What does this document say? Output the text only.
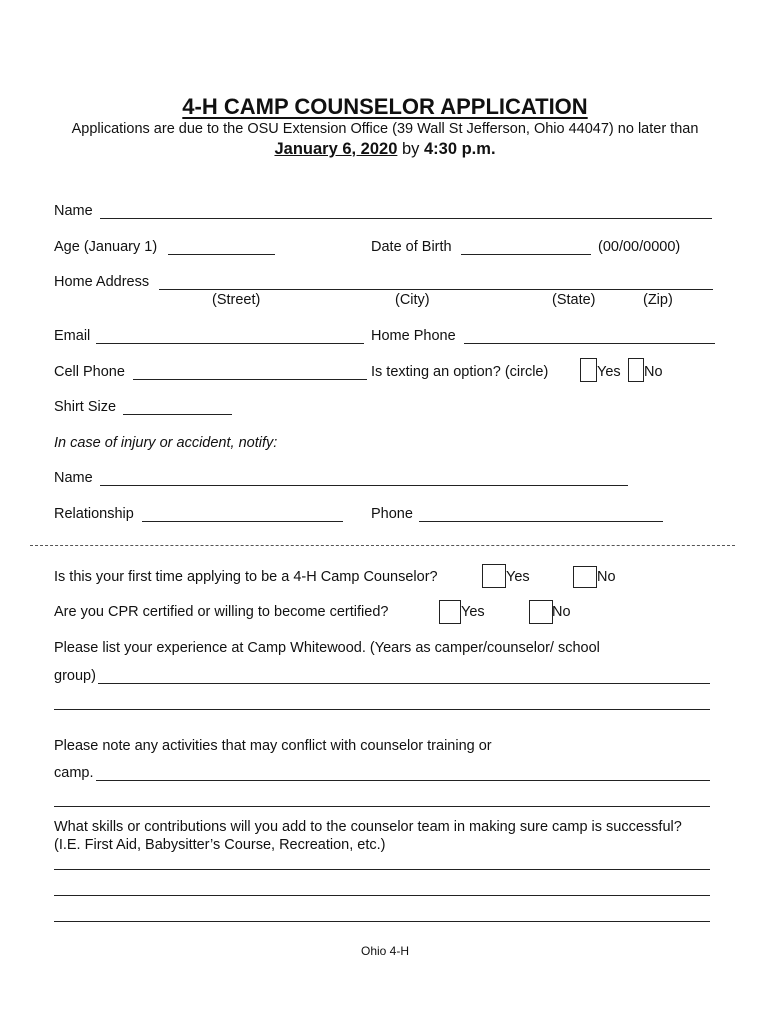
4-H CAMP COUNSELOR APPLICATION
Applications are due to the OSU Extension Office (39 Wall St Jefferson, Ohio 44047) no later than
January 6, 2020 by 4:30 p.m.
Name
Age (January 1)	Date of Birth	(00/00/0000)
Home Address
(Street)	(City)	(State)	(Zip)
Email	Home Phone
Cell Phone	Is texting an option? (circle)	Yes No
Shirt Size
In case of injury or accident, notify:
Name
Relationship	Phone
Is this your first time applying to be a 4-H Camp Counselor?	Yes	No
Are you CPR certified or willing to become certified?	Yes	No
Please list your experience at Camp Whitewood. (Years as camper/counselor/ school
group)
Please note any activities that may conflict with counselor training or
camp.
What skills or contributions will you add to the counselor team in making sure camp is successful?
(I.E. First Aid, Babysitter’s Course, Recreation, etc.)
Ohio 4-H
